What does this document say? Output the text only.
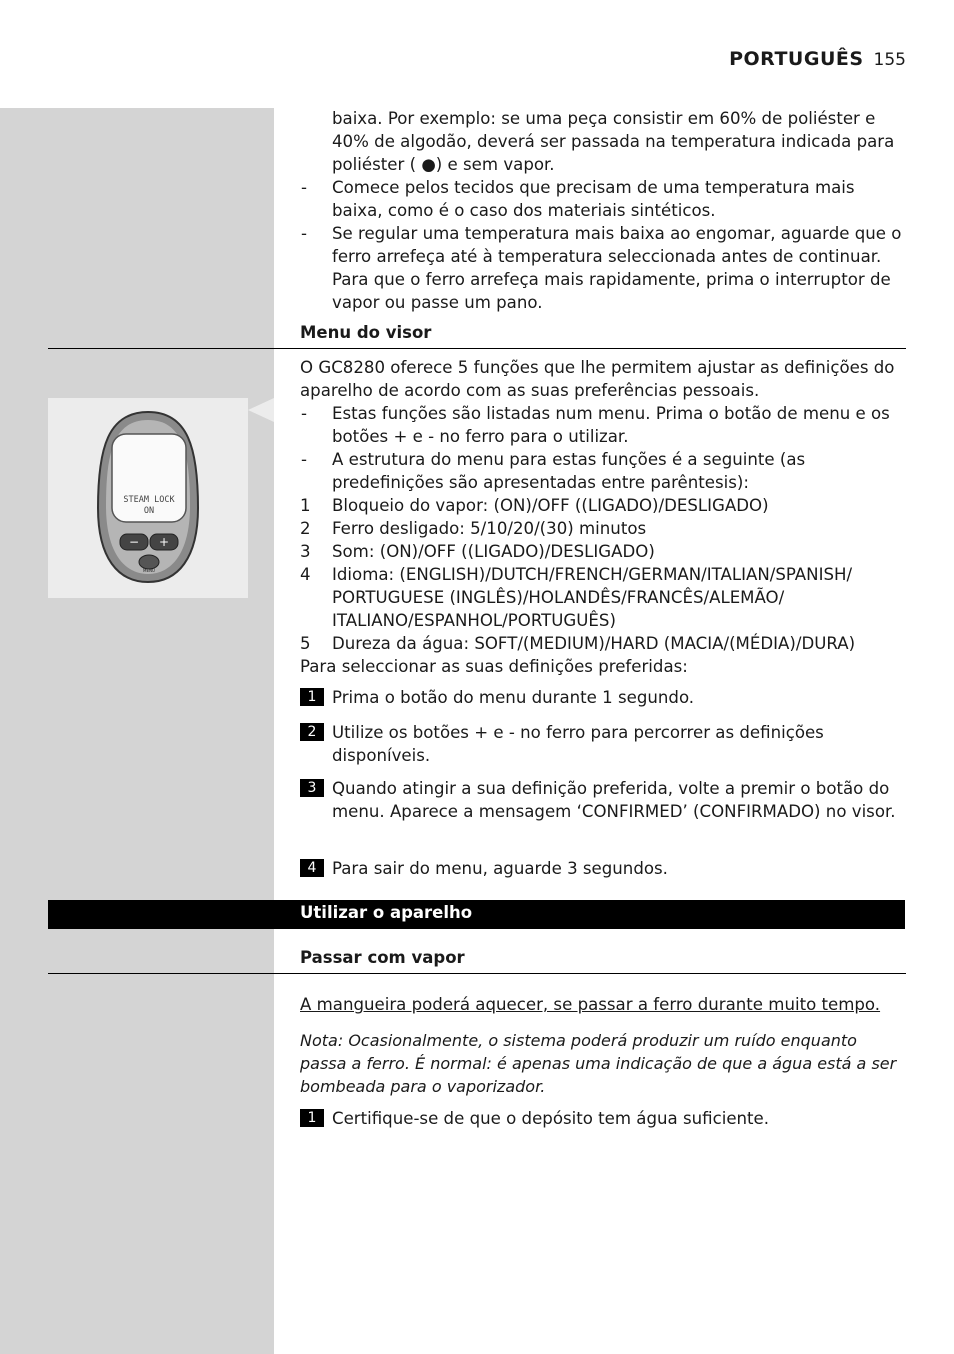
PORTUGUÊS 155

baixa. Por exemplo: se uma peça consistir em 60% de poliéster e 40% de algodão, deverá ser passada na temperatura indicada para poliéster ( ●) e sem vapor.

- Comece pelos tecidos que precisam de uma temperatura mais baixa, como é o caso dos materiais sintéticos.

- Se regular uma temperatura mais baixa ao engomar, aguarde que o ferro arrefeça até à temperatura seleccionada antes de continuar. Para que o ferro arrefeça mais rapidamente, prima o interruptor de vapor ou passe um pano.

Menu do visor
STEAM LOCK
ON
− +
MENU

O GC8280 oferece 5 funções que lhe permitem ajustar as definições do aparelho de acordo com as suas preferências pessoais.

- Estas funções são listadas num menu. Prima o botão de menu e os botões + e - no ferro para o utilizar.

- A estrutura do menu para estas funções é a seguinte (as predefinições são apresentadas entre parêntesis):

1 Bloqueio do vapor: (ON)/OFF ((LIGADO)/DESLIGADO)

2 Ferro desligado: 5/10/20/(30) minutos

3 Som: (ON)/OFF ((LIGADO)/DESLIGADO)

4 Idioma: (ENGLISH)/DUTCH/FRENCH/GERMAN/ITALIAN/SPANISH/ PORTUGUESE (INGLÊS)/HOLANDÊS/FRANCÊS/ALEMÃO/ ITALIANO/ESPANHOL/PORTUGUÊS)

5 Dureza da água: SOFT/(MEDIUM)/HARD (MACIA/(MÉDIA)/DURA)

Para seleccionar as suas definições preferidas:

1 Prima o botão do menu durante 1 segundo.
2 Utilize os botões + e - no ferro para percorrer as definições disponíveis.
3 Quando atingir a sua definição preferida, volte a premir o botão do menu. Aparece a mensagem ‘CONFIRMED’ (CONFIRMADO) no visor.
4 Para sair do menu, aguarde 3 segundos.
Utilizar o aparelho
Passar com vapor

A mangueira poderá aquecer, se passar a ferro durante muito tempo.

Nota: Ocasionalmente, o sistema poderá produzir um ruído enquanto passa a ferro. É normal: é apenas uma indicação de que a água está a ser bombeada para o vaporizador.

1 Certifique-se de que o depósito tem água suficiente.
